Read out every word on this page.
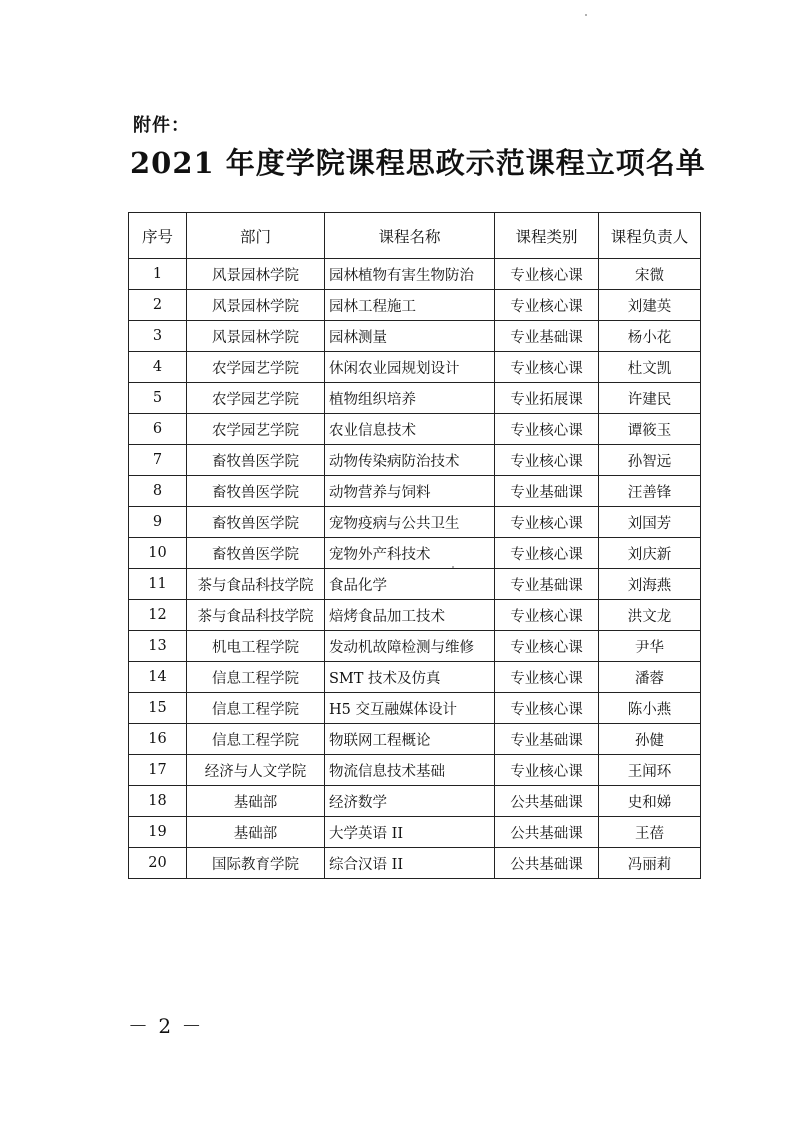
附件：
2021 年度学院课程思政示范课程立项名单
序号	部门	课程名称	课程类别	课程负责人
1	风景园林学院	园林植物有害生物防治	专业核心课	宋微
2	风景园林学院	园林工程施工	专业核心课	刘建英
3	风景园林学院	园林测量	专业基础课	杨小花
4	农学园艺学院	休闲农业园规划设计	专业核心课	杜文凯
5	农学园艺学院	植物组织培养	专业拓展课	许建民
6	农学园艺学院	农业信息技术	专业核心课	谭筱玉
7	畜牧兽医学院	动物传染病防治技术	专业核心课	孙智远
8	畜牧兽医学院	动物营养与饲料	专业基础课	汪善锋
9	畜牧兽医学院	宠物疫病与公共卫生	专业核心课	刘国芳
10	畜牧兽医学院	宠物外产科技术	专业核心课	刘庆新
11	茶与食品科技学院	食品化学	专业基础课	刘海燕
12	茶与食品科技学院	焙烤食品加工技术	专业核心课	洪文龙
13	机电工程学院	发动机故障检测与维修	专业核心课	尹华
14	信息工程学院	SMT 技术及仿真	专业核心课	潘蓉
15	信息工程学院	H5 交互融媒体设计	专业核心课	陈小燕
16	信息工程学院	物联网工程概论	专业基础课	孙健
17	经济与人文学院	物流信息技术基础	专业核心课	王闻环
18	基础部	经济数学	公共基础课	史和娣
19	基础部	大学英语 II	公共基础课	王蓓
20	国际教育学院	综合汉语 II	公共基础课	冯丽莉
－ 2 －
